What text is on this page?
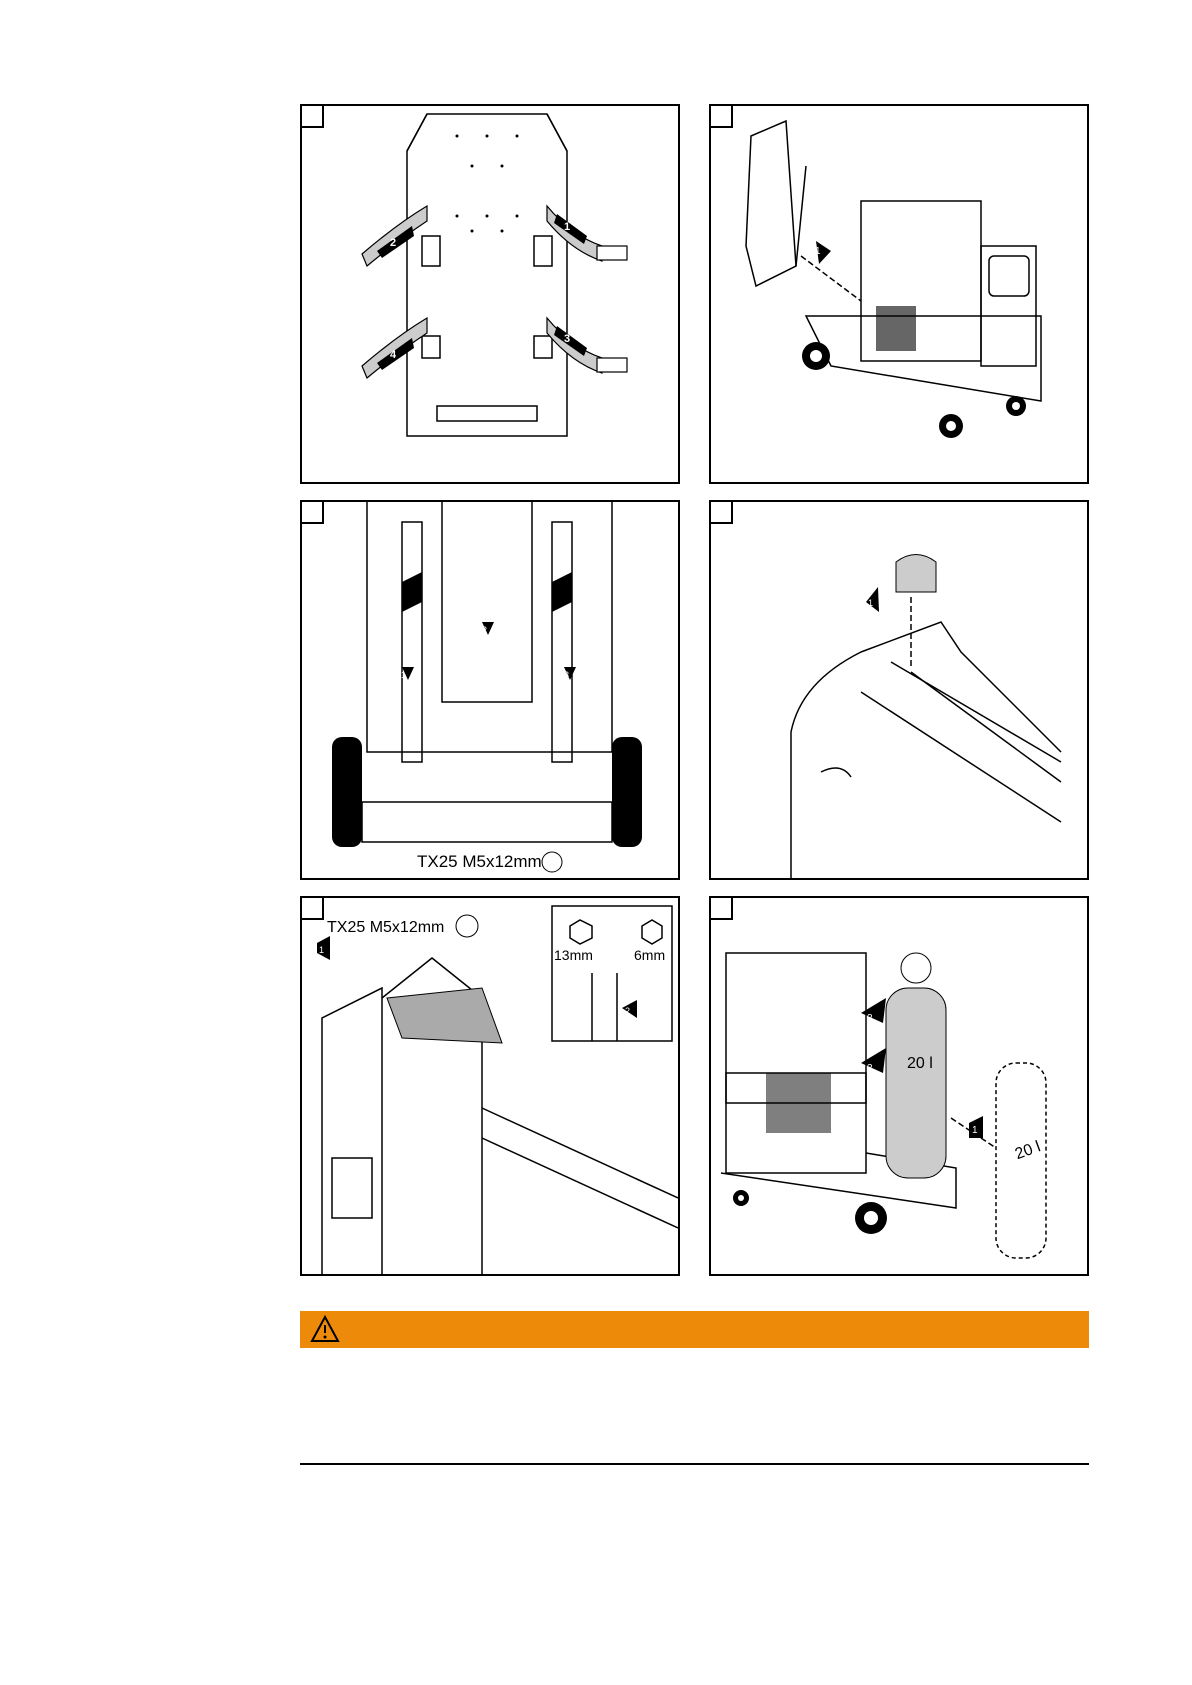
1
2
3
4
1
TX25 M5x12mm
1
2
3
1
TX25 M5x12mm
13mm	6mm
1
2
20 l
20 l
2
3
1
